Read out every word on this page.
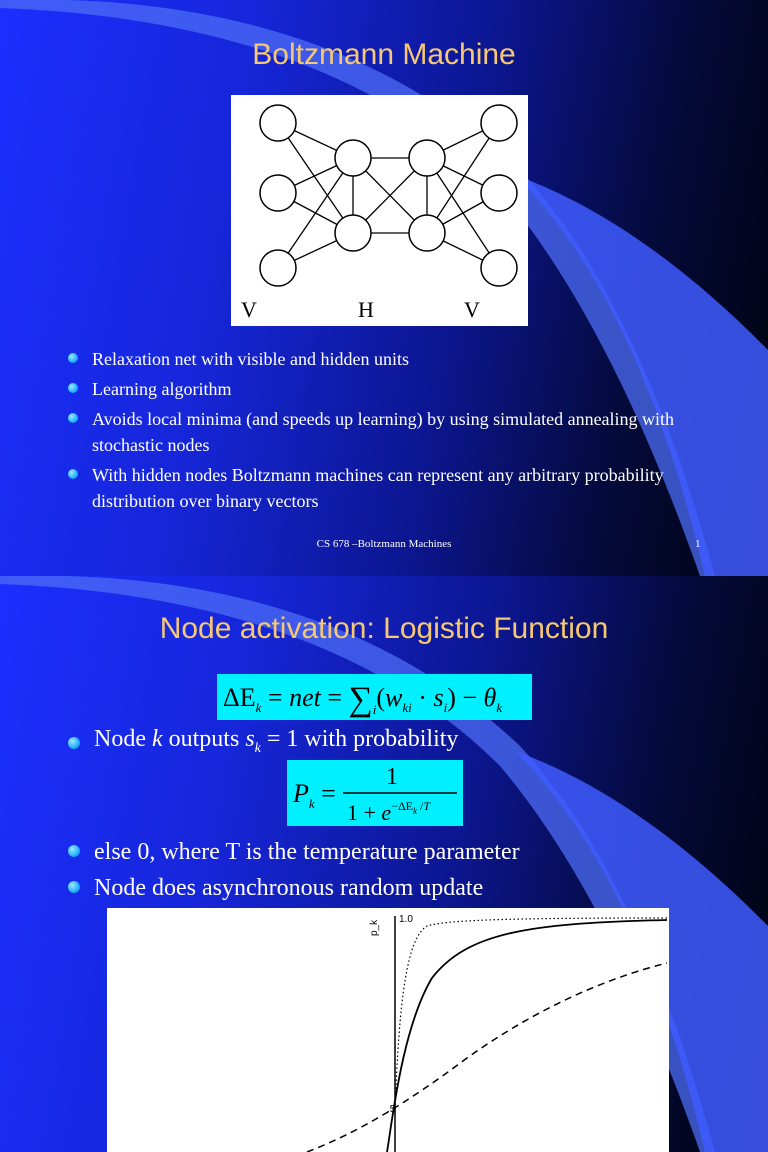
Boltzmann Machine
V	H	V
Relaxation net with visible and hidden units
Learning algorithm
Avoids local minima (and speeds up learning) by using simulated annealing with stochastic nodes
With hidden nodes Boltzmann machines can represent any arbitrary probability distribution over binary vectors
CS 678 –Boltzmann Machines	1
Node activation: Logistic Function
$\Delta E_k$ = net = $\sum i(w_{ki} \cdot s_i) - \theta_k$
Node k outputs $s_k = 1$ with probability
$P_k$ =
1
$1 + e^{-\Delta E}k$ /T
else 0, where T is the temperature parameter
Node does asynchronous random update
p_k
1.0
.5
